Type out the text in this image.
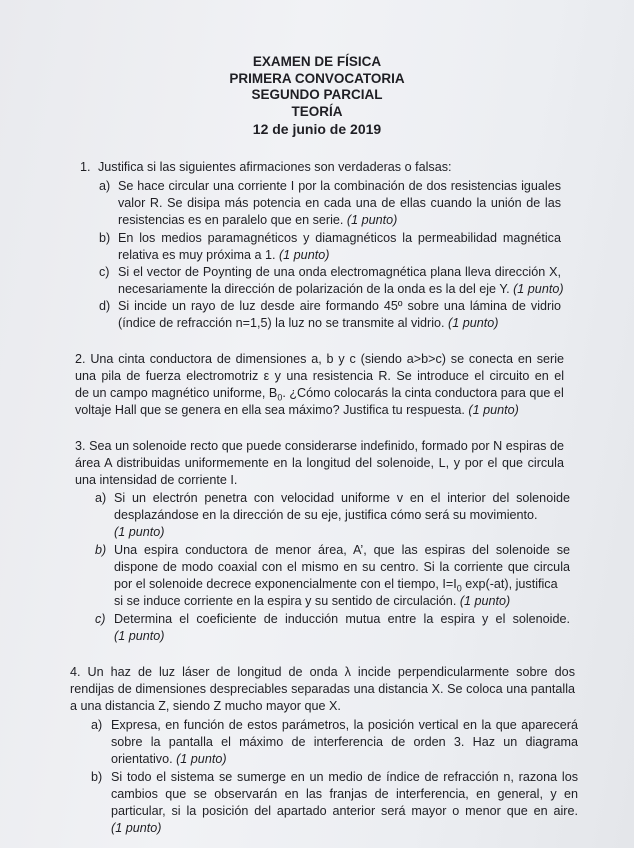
EXAMEN DE FÍSICA
PRIMERA CONVOCATORIA
SEGUNDO PARCIAL
TEORÍA
12 de junio de 2019
1. Justifica si las siguientes afirmaciones son verdaderas o falsas:
a) Se hace circular una corriente I por la combinación de dos resistencias iguales
valor R. Se disipa más potencia en cada una de ellas cuando la unión de las
resistencias es en paralelo que en serie. (1 punto)
b) En los medios paramagnéticos y diamagnéticos la permeabilidad magnética
relativa es muy próxima a 1. (1 punto)
c) Si el vector de Poynting de una onda electromagnética plana lleva dirección X,
necesariamente la dirección de polarización de la onda es la del eje Y. (1 punto)
d) Si incide un rayo de luz desde aire formando 45º sobre una lámina de vidrio
(índice de refracción n=1,5) la luz no se transmite al vidrio. (1 punto)
2. Una cinta conductora de dimensiones a, b y c (siendo a>b>c) se conecta en serie
una pila de fuerza electromotriz ε y una resistencia R. Se introduce el circuito en el
de un campo magnético uniforme, $B_0$. ¿Cómo colocarás la cinta conductora para que el
voltaje Hall que se genera en ella sea máximo? Justifica tu respuesta. (1 punto)
3. Sea un solenoide recto que puede considerarse indefinido, formado por N espiras de
área A distribuidas uniformemente en la longitud del solenoide, L, y por el que circula
una intensidad de corriente I.
a) Si un electrón penetra con velocidad uniforme v en el interior del solenoide
desplazándose en la dirección de su eje, justifica cómo será su movimiento.
(1 punto)
b) Una espira conductora de menor área, A’, que las espiras del solenoide se
dispone de modo coaxial con el mismo en su centro. Si la corriente que circula
por el solenoide decrece exponencialmente con el tiempo, $I=I_0$ exp(-at), justifica
si se induce corriente en la espira y su sentido de circulación. (1 punto)
c) Determina el coeficiente de inducción mutua entre la espira y el solenoide.
(1 punto)
4. Un haz de luz láser de longitud de onda λ incide perpendicularmente sobre dos
rendijas de dimensiones despreciables separadas una distancia X. Se coloca una pantalla
a una distancia Z, siendo Z mucho mayor que X.
a) Expresa, en función de estos parámetros, la posición vertical en la que aparecerá
sobre la pantalla el máximo de interferencia de orden 3. Haz un diagrama
orientativo. (1 punto)
b) Si todo el sistema se sumerge en un medio de índice de refracción n, razona los
cambios que se observarán en las franjas de interferencia, en general, y en
particular, si la posición del apartado anterior será mayor o menor que en aire.
(1 punto)
